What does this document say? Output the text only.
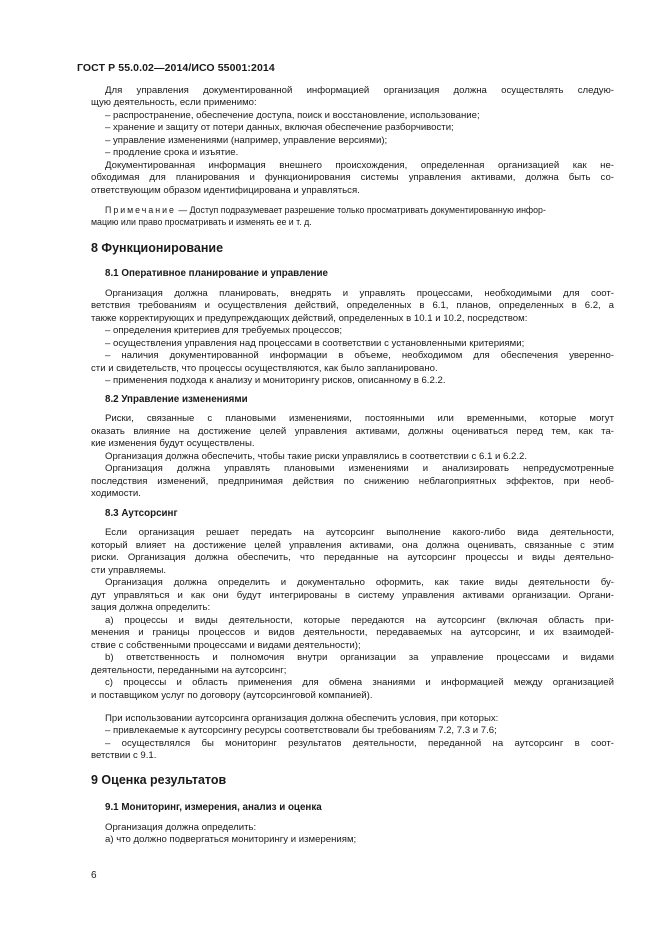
ГОСТ Р 55.0.02—2014/ИСО 55001:2014
Для управления документированной информацией организация должна осуществлять следую-
щую деятельность, если применимо:
– распространение, обеспечение доступа, поиск и восстановление, использование;
– хранение и защиту от потери данных, включая обеспечение разборчивости;
– управление изменениями (например, управление версиями);
– продление срока и изъятие.
Документированная информация внешнего происхождения, определенная организацией как не-
обходимая для планирования и функционирования системы управления активами, должна быть со-
ответствующим образом идентифицирована и управляться.
Примечание — Доступ подразумевает разрешение только просматривать документированную инфор-
мацию или право просматривать и изменять ее и т. д.
8 Функционирование
8.1 Оперативное планирование и управление
Организация должна планировать, внедрять и управлять процессами, необходимыми для соот-
ветствия требованиям и осуществления действий, определенных в 6.1, планов, определенных в 6.2, а
также корректирующих и предупреждающих действий, определенных в 10.1 и 10.2, посредством:
– определения критериев для требуемых процессов;
– осуществления управления над процессами в соответствии с установленными критериями;
– наличия документированной информации в объеме, необходимом для обеспечения уверенно-
сти и свидетельств, что процессы осуществляются, как было запланировано.
– применения подхода к анализу и мониторингу рисков, описанному в 6.2.2.
8.2 Управление изменениями
Риски, связанные с плановыми изменениями, постоянными или временными, которые могут
оказать влияние на достижение целей управления активами, должны оцениваться перед тем, как та-
кие изменения будут осуществлены.
Организация должна обеспечить, чтобы такие риски управлялись в соответствии с 6.1 и 6.2.2.
Организация должна управлять плановыми изменениями и анализировать непредусмотренные
последствия изменений, предпринимая действия по снижению неблагоприятных эффектов, при необ-
ходимости.
8.3 Аутсорсинг
Если организация решает передать на аутсорсинг выполнение какого-либо вида деятельности,
который влияет на достижение целей управления активами, она должна оценивать, связанные с этим
риски. Организация должна обеспечить, что переданные на аутсорсинг процессы и виды деятельно-
сти управляемы.
Организация должна определить и документально оформить, как такие виды деятельности бу-
дут управляться и как они будут интегрированы в систему управления активами организации. Органи-
зация должна определить:
а) процессы и виды деятельности, которые передаются на аутсорсинг (включая область при-
менения и границы процессов и видов деятельности, передаваемых на аутсорсинг, и их взаимодей-
ствие с собственными процессами и видами деятельности);
b) ответственность и полномочия внутри организации за управление процессами и видами
деятельности, переданными на аутсорсинг;
c) процессы и область применения для обмена знаниями и информацией между организацией
и поставщиком услуг по договору (аутсорсинговой компанией).
При использовании аутсорсинга организация должна обеспечить условия, при которых:
– привлекаемые к аутсорсингу ресурсы соответствовали бы требованиям 7.2, 7.3 и 7.6;
– осуществлялся бы мониторинг результатов деятельности, переданной на аутсорсинг в соот-
ветствии с 9.1.
9 Оценка результатов
9.1 Мониторинг, измерения, анализ и оценка
Организация должна определить:
а) что должно подвергаться мониторингу и измерениям;
6
